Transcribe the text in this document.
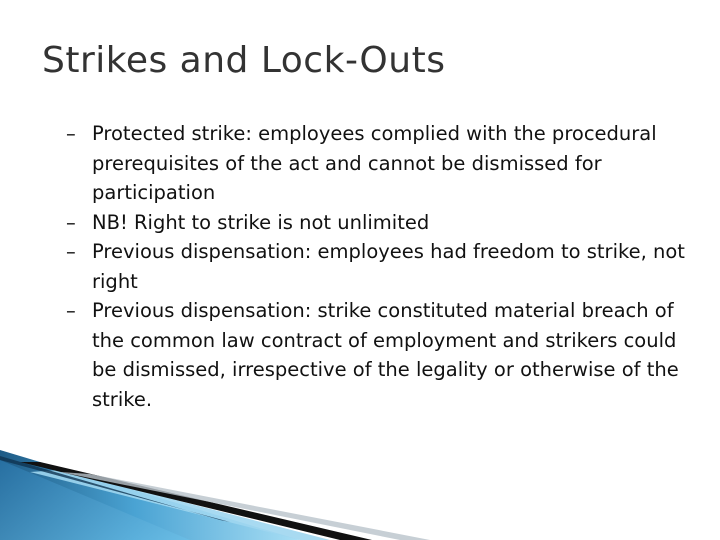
Strikes and Lock-Outs
– Protected strike: employees complied with the procedural prerequisites of the act and cannot be dismissed for participation
– NB! Right to strike is not unlimited
– Previous dispensation: employees had freedom to strike, not right
– Previous dispensation: strike constituted material breach of the common law contract of employment and strikers could be dismissed, irrespective of the legality or otherwise of the strike.
